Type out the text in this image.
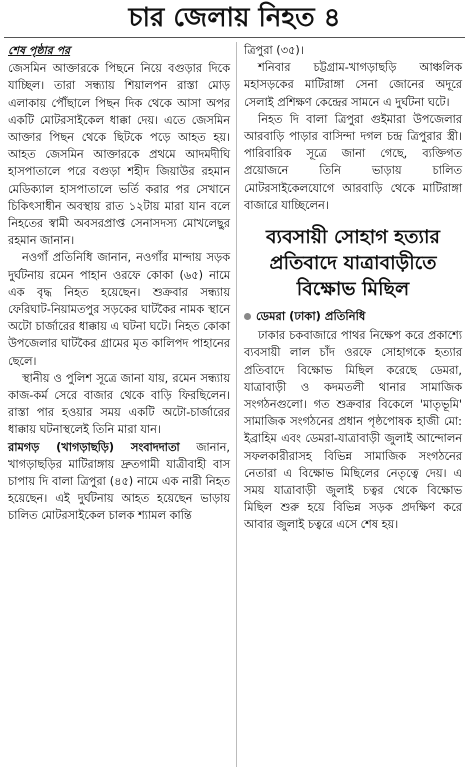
চার জেলায় নিহত ৪
শেষ পৃষ্ঠার পর

জেসমিন আক্তারকে পিছনে নিয়ে বগুড়ার দিকে যাচ্ছিল। তারা সন্ধ্যায় শিয়ালপন রাস্তা মোড় এলাকায় পৌঁছালে পিছন দিক থেকে আসা অপর একটি মোটরসাইকেল ধাক্কা দেয়। এতে জেসমিন আক্তার পিছন থেকে ছিটকে পড়ে আহত হয়। আহত জেসমিন আক্তারকে প্রথমে আদমদীঘি হাসপাতালে পরে বগুড়া শহীদ জিয়াউর রহমান মেডিক্যাল হাসপাতালে ভর্তি করার পর সেখানে চিকিৎসাধীন অবস্থায় রাত ১২টায় মারা যান বলে নিহতের স্বামী অবসরপ্রাপ্ত সেনাসদস্য মোখলেছুর রহমান জানান।

নওগাঁ প্রতিনিধি জানান, নওগাঁর মান্দায় সড়ক দুর্ঘটনায় রমেন পাহান ওরফে কোকা (৬৫) নামে এক বৃদ্ধ নিহত হয়েছেন। শুক্রবার সন্ধ্যায় ফেরিঘাট-নিয়ামতপুর সড়কের ঘাটকৈর নামক স্থানে অটো চার্জারের ধাক্কায় এ ঘটনা ঘটে। নিহত কোকা উপজেলার ঘাটকৈর গ্রামের মৃত কালিপদ পাহানের ছেলে।

স্থানীয় ও পুলিশ সূত্রে জানা যায়, রমেন সন্ধ্যায় কাজ-কর্ম সেরে বাজার থেকে বাড়ি ফিরছিলেন। রাস্তা পার হওয়ার সময় একটি অটো-চার্জারের ধাক্কায় ঘটনাস্থলেই তিনি মারা যান।

রামগড় (খাগড়াছড়ি) সংবাদদাতা জানান, খাগড়াছড়ির মাটিরাঙ্গায় দ্রুতগামী যাত্রীবাহী বাস চাপায় দি বালা ত্রিপুরা (৪৫) নামে এক নারী নিহত হয়েছেন। এই দুর্ঘটনায় আহত হয়েছেন ভাড়ায় চালিত মোটরসাইকেল চালক শ্যামল কান্তি

ত্রিপুরা (৩৫)।

শনিবার চট্টগ্রাম-খাগড়াছড়ি আঞ্চলিক মহাসড়কের মাটিরাঙ্গা সেনা জোনের অদূরে সেলাই প্রশিক্ষণ কেন্দ্রের সামনে এ দুর্ঘটনা ঘটে।

নিহত দি বালা ত্রিপুরা গুইমারা উপজেলার আরবাড়ি পাড়ার বাসিন্দা দগল চন্দ্র ত্রিপুরার স্ত্রী। পারিবারিক সূত্রে জানা গেছে, ব্যক্তিগত প্রয়োজনে তিনি ভাড়ায় চালিত মোটরসাইকেলযোগে আরবাড়ি থেকে মাটিরাঙ্গা বাজারে যাচ্ছিলেন।

ব্যবসায়ী সোহাগ হত্যার প্রতিবাদে যাত্রাবাড়ীতে বিক্ষোভ মিছিল
ডেমরা (ঢাকা) প্রতিনিধি

ঢাকার চকবাজারে পাথর নিক্ষেপ করে প্রকাশ্যে ব্যবসায়ী লাল চাঁদ ওরফে সোহাগকে হত্যার প্রতিবাদে বিক্ষোভ মিছিল করেছে ডেমরা, যাত্রাবাড়ী ও কদমতলী থানার সামাজিক সংগঠনগুলো। গত শুক্রবার বিকেলে 'মাতৃভূমি' সামাজিক সংগঠনের প্রধান পৃষ্ঠপোষক হাজী মো: ইব্রাহিম এবং ডেমরা-যাত্রাবাড়ী জুলাই আন্দোলন সফলকারীরাসহ বিভিন্ন সামাজিক সংগঠনের নেতারা এ বিক্ষোভ মিছিলের নেতৃত্বে দেয়। এ সময় যাত্রাবাড়ী জুলাই চত্বর থেকে বিক্ষোভ মিছিল শুরু হয়ে বিভিন্ন সড়ক প্রদক্ষিণ করে আবার জুলাই চত্বরে এসে শেষ হয়।
